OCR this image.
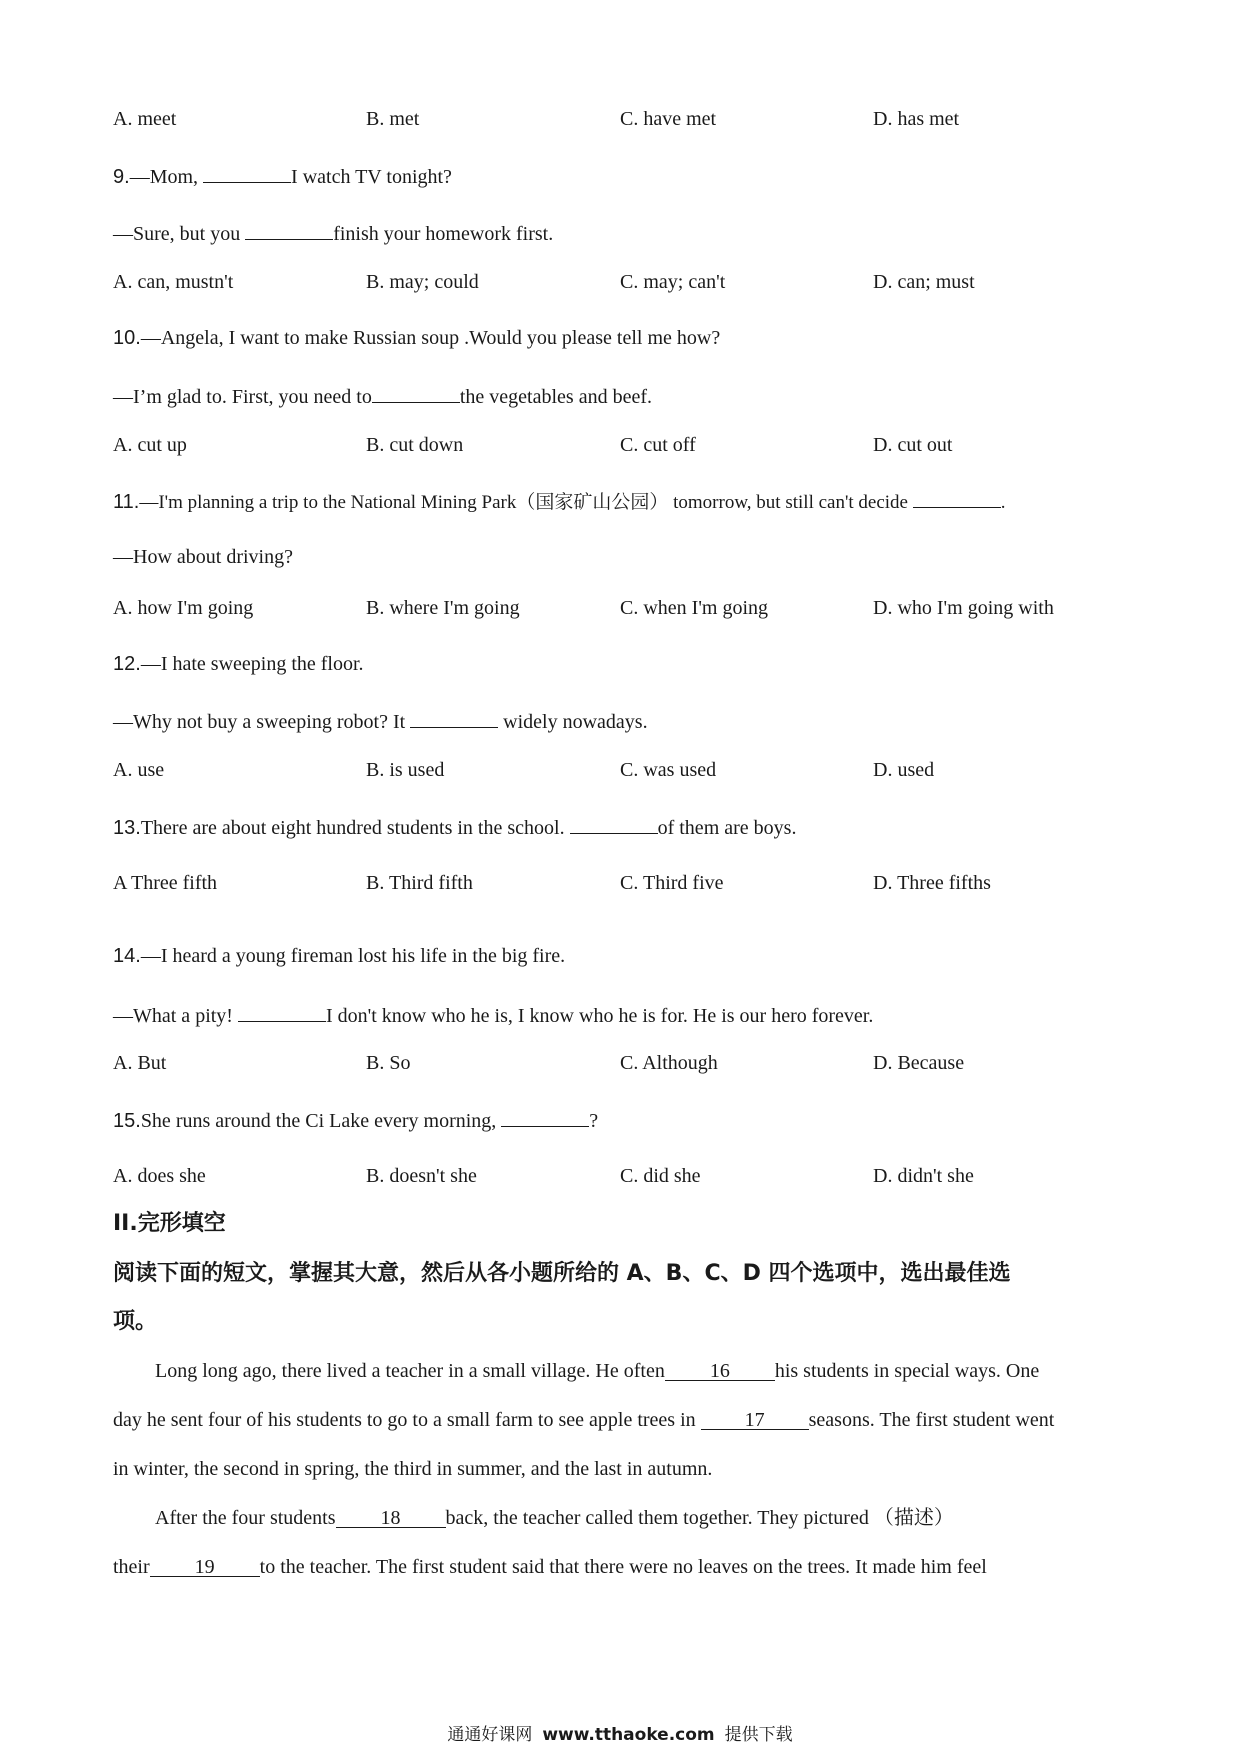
A. meet	B. met	C. have met	D. has met
9.—Mom,	I watch TV tonight?
—Sure, but you	finish your homework first.
A. can, mustn't	B. may; could	C. may; can't	D. can; must
10.—Angela, I want to make Russian soup .Would you please tell me how?
—I’m glad to. First, you need to	the vegetables and beef.
A. cut up	B. cut down	C. cut off	D. cut out
11.—I'm planning a trip to the National Mining Park（国家矿山公园） tomorrow, but still can't decide	.
—How about driving?
A. how I'm going	B. where I'm going	C. when I'm going	D. who I'm going with
12.—I hate sweeping the floor.
—Why not buy a sweeping robot? It	widely nowadays.
A. use	B. is used	C. was used	D. used
13.There are about eight hundred students in the school.	of them are boys.
A Three fifth	B. Third fifth	C. Third five	D. Three fifths
14.—I heard a young fireman lost his life in the big fire.
—What a pity!	I don't know who he is, I know who he is for. He is our hero forever.
A. But	B. So	C. Although	D. Because
15.She runs around the Ci Lake every morning,	?
A. does she	B. doesn't she	C. did she	D. didn't she
II.完形填空
阅读下面的短文，掌握其大意，然后从各小题所给的 A、B、C、D 四个选项中，选出最佳选
项。
Long long ago, there lived a teacher in a small village. He often 16 his students in special ways. One
day he sent four of his students to go to a small farm to see apple trees in 17 seasons. The first student went
in winter, the second in spring, the third in summer, and the last in autumn.
After the four students 18 back, the teacher called them together. They pictured （描述）
their 19 to the teacher. The first student said that there were no leaves on the trees. It made him feel
通通好课网 www.tthaoke.com 提供下载
